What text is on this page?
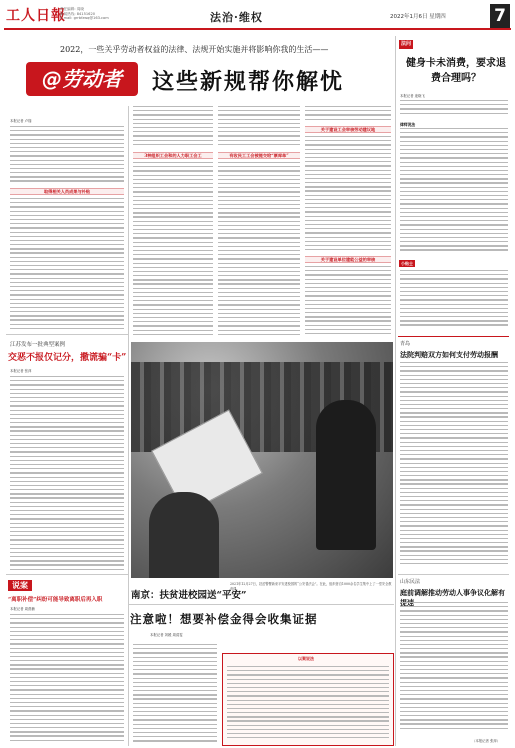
工人日報
责任编辑: 周晓
新闻热线: 84151620
E-mail: grrbfzwq@163.com	法治·维权	2022年1月6日 星期四	7
2022，一些关乎劳动者权益的法律、法规开始实施并将影响你我的生活——
@劳动者	这些新规帮你解忧
本报记者 卢翔
取得相关人员成果与补贴
3种组织工会和的人力职工会工	有收民工工会被提交给“票库单”
关于建设工会审核劳动建议地
关于建设单位建能公益的审核
江苏发布一批典型案例
交恶不报仅记分，撒谎骗“卡”
本报记者 张萍
说案
“离职补偿”纠纷可能导致离职后再入职
本报记者 周燕楠
南京：扶贫进校园送“平安”
2021年12月27日，扶贫警署新来平安进校园的“公安普法会”。在此，组织者自1000余名学生集中上了一堂安全教育课。
注意啦！想要补偿金得会收集证据
本报记者 刘媛 周清雯
以案说法
法问
健身卡未消费，要求退费合理吗？
本报记者 庞晓飞
律师说法
小贴士
青岛
法院判赔双方如何支付劳动报酬
山东民法
庭前调解推动劳动人事争议化解有
（本报记者 张萍）
